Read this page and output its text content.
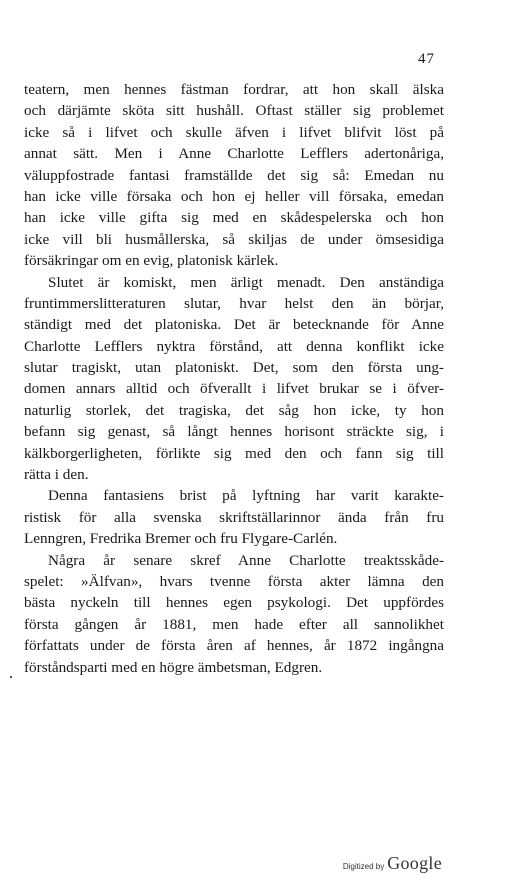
47
teatern, men hennes fästman fordrar, att hon skall älska
och därjämte sköta sitt hushåll. Oftast ställer sig problemet
icke så i lifvet och skulle äfven i lifvet blifvit löst på
annat sätt. Men i Anne Charlotte Lefflers adertonåriga,
väluppfostrade fantasi framställde det sig så: Emedan nu
han icke ville försaka och hon ej heller vill försaka, emedan
han icke ville gifta sig med en skådespelerska och hon
icke vill bli husmållerska, så skiljas de under ömsesidiga
försäkringar om en evig, platonisk kärlek.
Slutet är komiskt, men ärligt menadt. Den anständiga
fruntimmerslitteraturen slutar, hvar helst den än börjar,
ständigt med det platoniska. Det är betecknande för Anne
Charlotte Lefflers nyktra förstånd, att denna konflikt icke
slutar tragiskt, utan platoniskt. Det, som den första ung-
domen annars alltid och öfverallt i lifvet brukar se i öfver-
naturlig storlek, det tragiska, det såg hon icke, ty hon
befann sig genast, så långt hennes horisont sträckte sig, i
kälkborgerligheten, förlikte sig med den och fann sig till
rätta i den.
Denna fantasiens brist på lyftning har varit karakte-
ristisk för alla svenska skriftställarinnor ända från fru
Lenngren, Fredrika Bremer och fru Flygare-Carlén.
Några år senare skref Anne Charlotte treaktsskåde-
spelet: »Älfvan», hvars tvenne första akter lämna den
bästa nyckeln till hennes egen psykologi. Det uppfördes
första gången år 1881, men hade efter all sannolikhet
författats under de första åren af hennes, år 1872 ingångna
förståndsparti med en högre ämbetsman, Edgren.
Digitized by Google
